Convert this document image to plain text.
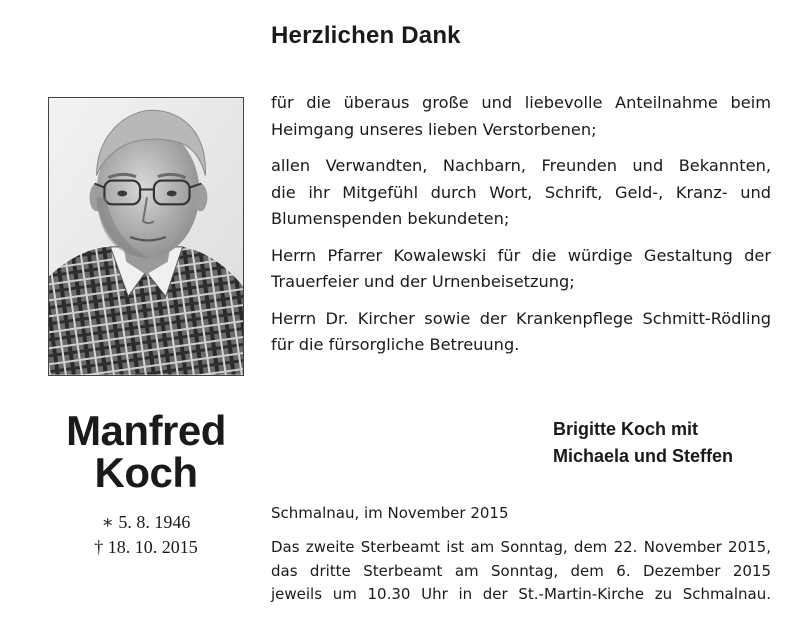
Herzlichen Dank
Manfred
Koch
∗ 5. 8. 1946
† 18. 10. 2015

für die überaus große und liebevolle Anteilnahme beim
Heimgang unseres lieben Verstorbenen;

allen Verwandten, Nachbarn, Freunden und Bekannten,
die ihr Mitgefühl durch Wort, Schrift, Geld-, Kranz- und
Blumenspenden bekundeten;

Herrn Pfarrer Kowalewski für die würdige Gestaltung der
Trauerfeier und der Urnenbeisetzung;

Herrn Dr. Kircher sowie der Krankenpflege Schmitt-Rödling
für die fürsorgliche Betreuung.

Brigitte Koch mit
Michaela und Steffen
Schmalnau, im November 2015
Das zweite Sterbeamt ist am Sonntag, dem 22. November 2015,
das dritte Sterbeamt am Sonntag, dem 6. Dezember 2015
jeweils um 10.30 Uhr in der St.-Martin-Kirche zu Schmalnau.
